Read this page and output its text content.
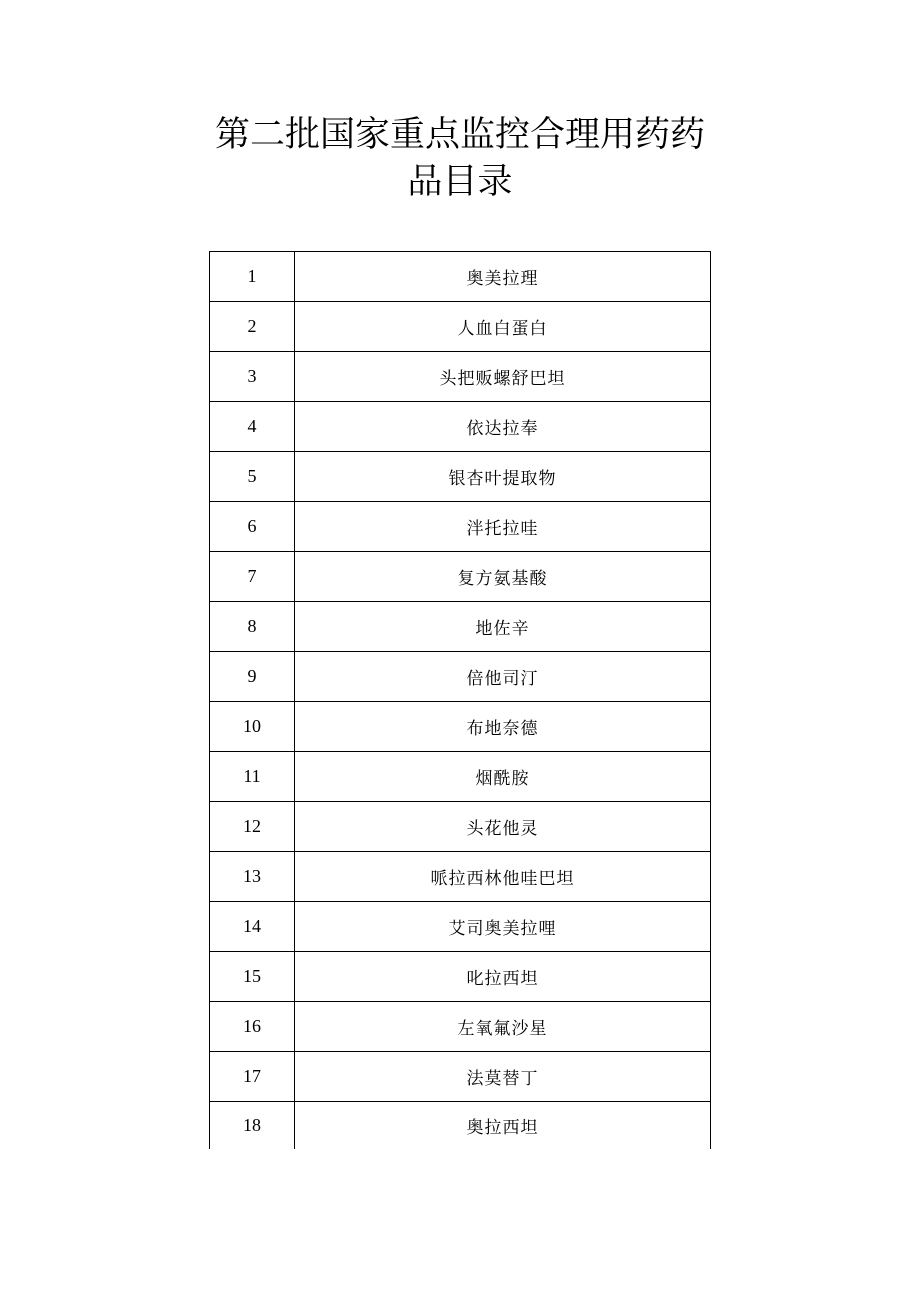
第二批国家重点监控合理用药药
品目录
1	奥美拉理
2	人血白蛋白
3	头把贩螺舒巴坦
4	依达拉奉
5	银杏叶提取物
6	泮托拉哇
7	复方氨基酸
8	地佐辛
9	倍他司汀
10	布地奈德
11	烟酰胺
12	头花他灵
13	哌拉西林他哇巴坦
14	艾司奥美拉哩
15	叱拉西坦
16	左氧氟沙星
17	法莫替丁
18	奥拉西坦
